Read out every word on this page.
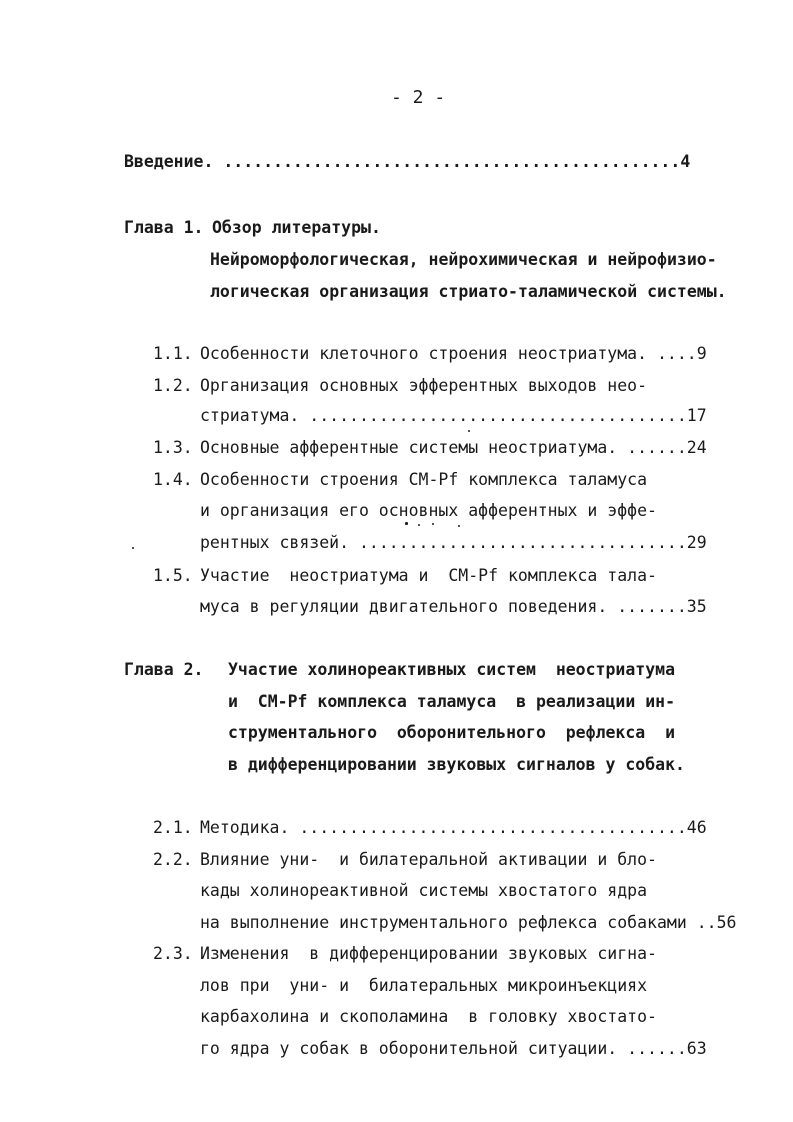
- 2 -
Введение. ..............................................4
Глава 1. Обзор литературы.
Нейроморфологическая, нейрохимическая и нейрофизио-
логическая организация стриато-таламической системы.
1.1. Особенности клеточного строения неостриатума. ....9
1.2. Организация основных эфферентных выходов нео-
стриатума. ......................................17
1.3. Основные афферентные системы неостриатума. ......24
1.4. Особенности строения СМ-Pf комплекса таламуса
и организация его основных афферентных и эффе-
рентных связей. .................................29
1.5. Участие  неостриатума и  СМ-Pf комплекса тала-
муса в регуляции двигательного поведения. .......35
Глава 2. Участие холинореактивных систем  неостриатума
и  СМ-Pf комплекса таламуса  в реализации ин-
струментального  оборонительного  рефлекса  и
в дифференцировании звуковых сигналов у собак.
2.1. Методика. .......................................46
2.2. Влияние уни-  и билатеральной активации и бло-
кады холинореактивной системы хвостатого ядра
на выполнение инструментального рефлекса собаками ..56
2.3. Изменения  в дифференцировании звуковых сигна-
лов при  уни- и  билатеральных микроинъекциях
карбахолина и скополамина  в головку хвостато-
го ядра у собак в оборонительной ситуации. ......63
